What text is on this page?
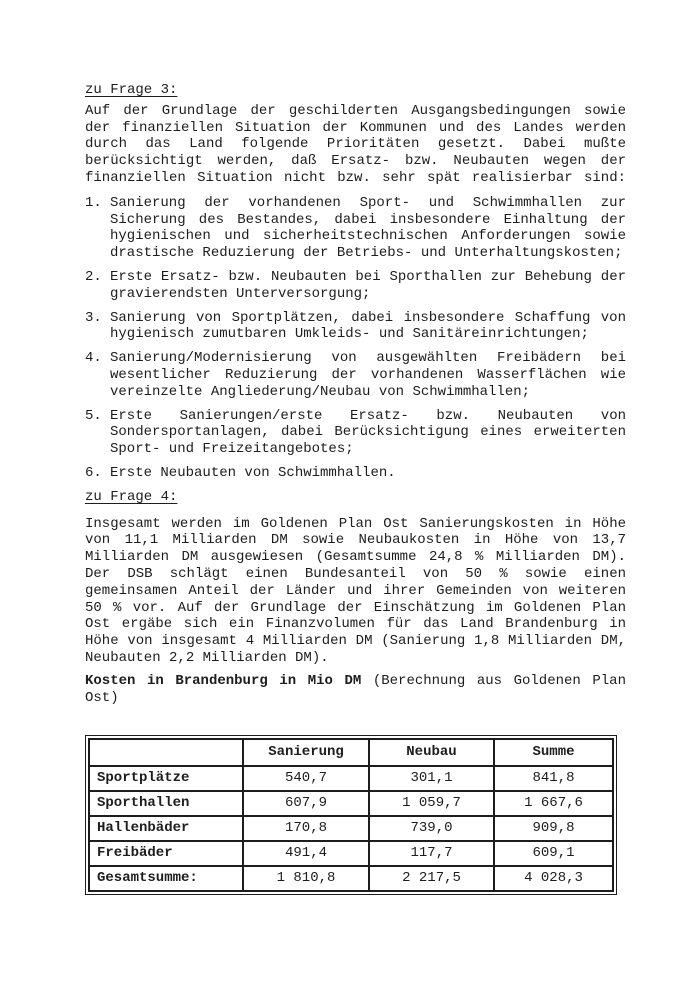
zu Frage 3:
Auf der Grundlage der geschilderten Ausgangsbedingungen sowie
der finanziellen Situation der Kommunen und des Landes werden
durch das Land folgende Prioritäten gesetzt. Dabei mußte
berücksichtigt werden, daß Ersatz- bzw. Neubauten wegen der
finanziellen Situation nicht bzw. sehr spät realisierbar sind:
1. Sanierung der vorhandenen Sport- und Schwimmhallen zur
Sicherung des Bestandes, dabei insbesondere Einhaltung der
hygienischen und sicherheitstechnischen Anforderungen sowie
drastische Reduzierung der Betriebs- und Unterhaltungskosten;
2. Erste Ersatz- bzw. Neubauten bei Sporthallen zur Behebung der
gravierendsten Unterversorgung;
3. Sanierung von Sportplätzen, dabei insbesondere Schaffung von
hygienisch zumutbaren Umkleids- und Sanitäreinrichtungen;
4. Sanierung/Modernisierung von ausgewählten Freibädern bei
wesentlicher Reduzierung der vorhandenen Wasserflächen wie
vereinzelte Angliederung/Neubau von Schwimmhallen;
5. Erste Sanierungen/erste Ersatz- bzw. Neubauten von
Sondersportanlagen, dabei Berücksichtigung eines erweiterten
Sport- und Freizeitangebotes;
6. Erste Neubauten von Schwimmhallen.
zu Frage 4:
Insgesamt werden im Goldenen Plan Ost Sanierungskosten in Höhe
von 11,1 Milliarden DM sowie Neubaukosten in Höhe von 13,7
Milliarden DM ausgewiesen (Gesamtsumme 24,8 % Milliarden DM).
Der DSB schlägt einen Bundesanteil von 50 % sowie einen
gemeinsamen Anteil der Länder und ihrer Gemeinden von weiteren
50 % vor. Auf der Grundlage der Einschätzung im Goldenen Plan
Ost ergäbe sich ein Finanzvolumen für das Land Brandenburg in
Höhe von insgesamt 4 Milliarden DM (Sanierung 1,8 Milliarden DM,
Neubauten 2,2 Milliarden DM).
Kosten in Brandenburg in Mio DM (Berechnung aus Goldenen Plan
Ost)
	Sanierung	Neubau	Summe
Sportplätze	540,7	301,1	841,8
Sporthallen	607,9	1 059,7	1 667,6
Hallenbäder	170,8	739,0	909,8
Freibäder	491,4	117,7	609,1
Gesamtsumme:	1 810,8	2 217,5	4 028,3
